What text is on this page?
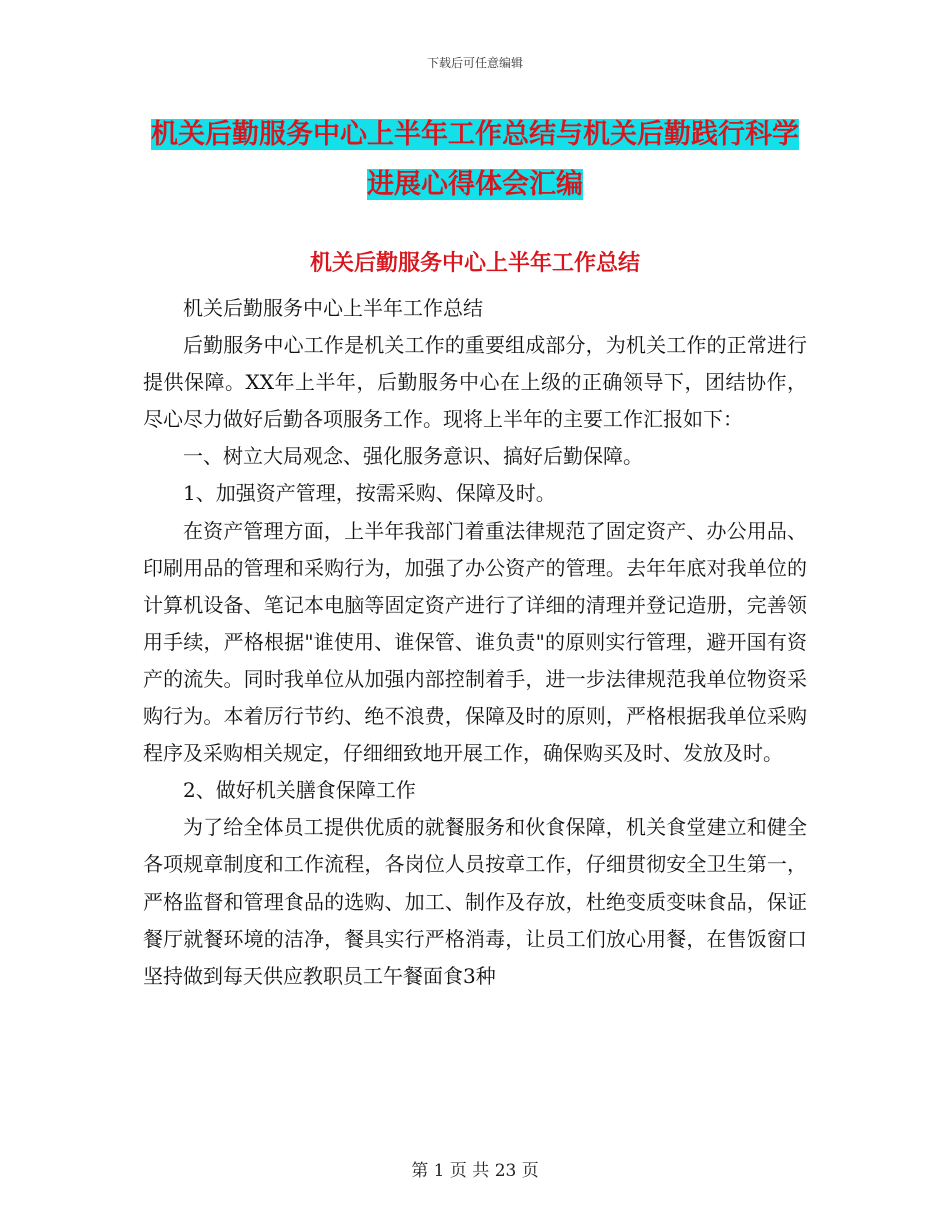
下载后可任意编辑
机关后勤服务中心上半年工作总结与机关后勤践行科学进展心得体会汇编
机关后勤服务中心上半年工作总结

机关后勤服务中心上半年工作总结

后勤服务中心工作是机关工作的重要组成部分，为机关工作的正常进行提供保障。XX年上半年，后勤服务中心在上级的正确领导下，团结协作，尽心尽力做好后勤各项服务工作。现将上半年的主要工作汇报如下：

一、树立大局观念、强化服务意识、搞好后勤保障。

1、加强资产管理，按需采购、保障及时。

在资产管理方面，上半年我部门着重法律规范了固定资产、办公用品、印刷用品的管理和采购行为，加强了办公资产的管理。去年年底对我单位的计算机设备、笔记本电脑等固定资产进行了详细的清理并登记造册，完善领用手续，严格根据"谁使用、谁保管、谁负责"的原则实行管理，避开国有资产的流失。同时我单位从加强内部控制着手，进一步法律规范我单位物资采购行为。本着厉行节约、绝不浪费，保障及时的原则，严格根据我单位采购程序及采购相关规定，仔细细致地开展工作，确保购买及时、发放及时。

2、做好机关膳食保障工作

为了给全体员工提供优质的就餐服务和伙食保障，机关食堂建立和健全各项规章制度和工作流程，各岗位人员按章工作，仔细贯彻安全卫生第一，严格监督和管理食品的选购、加工、制作及存放，杜绝变质变味食品，保证餐厅就餐环境的洁净，餐具实行严格消毒，让员工们放心用餐，在售饭窗口坚持做到每天供应教职员工午餐面食3种

第 1 页 共 23 页
